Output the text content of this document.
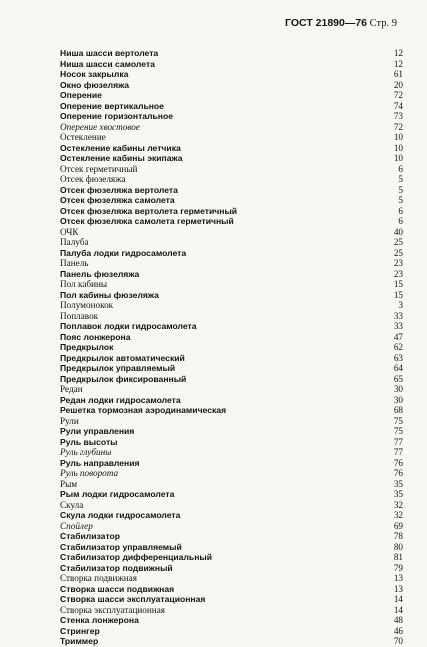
ГОСТ 21890—76 Стр. 9
Ниша шасси вертолета	12
Ниша шасси самолета	12
Носок закрылка	61
Окно фюзеляжа	20
Оперение	72
Оперение вертикальное	74
Оперение горизонтальное	73
Оперение хвостовое	72
Остекление	10
Остекление кабины летчика	10
Остекление кабины экипажа	10
Отсек герметичный	6
Отсек фюзеляжа	5
Отсек фюзеляжа вертолета	5
Отсек фюзеляжа самолета	5
Отсек фюзеляжа вертолета герметичный	6
Отсек фюзеляжа самолета герметичный	6
ОЧК	40
Палуба	25
Палуба лодки гидросамолета	25
Панель	23
Панель фюзеляжа	23
Пол кабины	15
Пол кабины фюзеляжа	15
Полумонокок	3
Поплавок	33
Поплавок лодки гидросамолета	33
Пояс лонжерона	47
Предкрылок	62
Предкрылок автоматический	63
Предкрылок управляемый	64
Предкрылок фиксированный	65
Редан	30
Редан лодки гидросамолета	30
Решетка тормозная аэродинамическая	68
Рули	75
Рули управления	75
Руль высоты	77
Руль глубины	77
Руль направления	76
Руль поворота	76
Рым	35
Рым лодки гидросамолета	35
Скула	32
Скула лодки гидросамолета	32
Спойлер	69
Стабилизатор	78
Стабилизатор управляемый	80
Стабилизатор дифференциальный	81
Стабилизатор подвижный	79
Створка подвижная	13
Створка шасси подвижная	13
Створка шасси эксплуатационная	14
Створка эксплуатационная	14
Стенка лонжерона	48
Стрингер	46
Триммер	70
